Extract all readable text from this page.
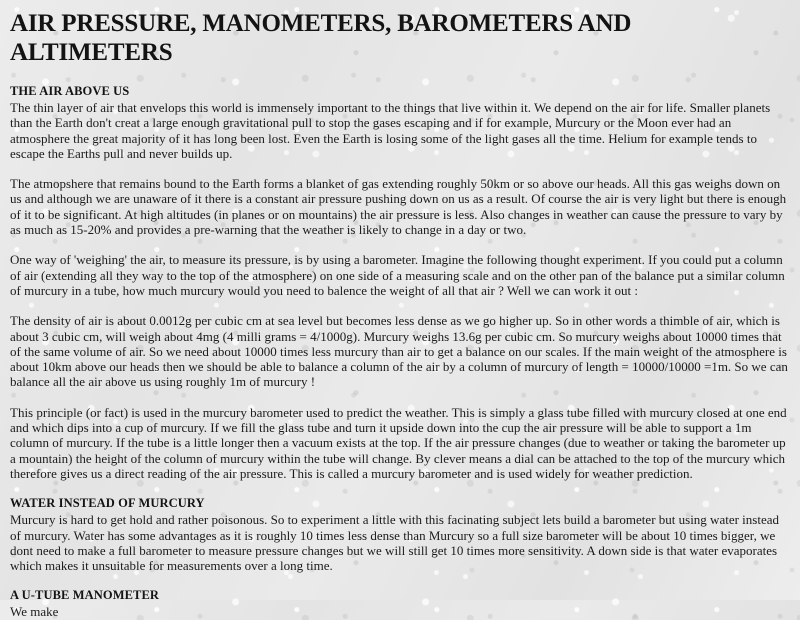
AIR PRESSURE, MANOMETERS, BAROMETERS AND ALTIMETERS
THE AIR ABOVE US

The thin layer of air that envelops this world is immensely important to the things that live within it. We depend on the air for life. Smaller planets than the Earth don't creat a large enough gravitational pull to stop the gases escaping and if for example, Murcury or the Moon ever had an atmosphere the great majority of it has long been lost. Even the Earth is losing some of the light gases all the time. Helium for example tends to escape the Earths pull and never builds up.

The atmopshere that remains bound to the Earth forms a blanket of gas extending roughly 50km or so above our heads. All this gas weighs down on us and although we are unaware of it there is a constant air pressure pushing down on us as a result. Of course the air is very light but there is enough of it to be significant. At high altitudes (in planes or on mountains) the air pressure is less. Also changes in weather can cause the pressure to vary by as much as 15-20% and provides a pre-warning that the weather is likely to change in a day or two.

One way of 'weighing' the air, to measure its pressure, is by using a barometer. Imagine the following thought experiment. If you could put a column of air (extending all they way to the top of the atmosphere) on one side of a measuring scale and on the other pan of the balance put a similar column of murcury in a tube, how much murcury would you need to balence the weight of all that air ? Well we can work it out :

The density of air is about 0.0012g per cubic cm at sea level but becomes less dense as we go higher up. So in other words a thimble of air, which is about 3 cubic cm, will weigh about 4mg (4 milli grams = 4/1000g). Murcury weighs 13.6g per cubic cm. So murcury weighs about 10000 times that of the same volume of air. So we need about 10000 times less murcury than air to get a balance on our scales. If the main weight of the atmosphere is about 10km above our heads then we should be able to balance a column of the air by a column of murcury of length = 10000/10000 =1m. So we can balance all the air above us using roughly 1m of murcury !

This principle (or fact) is used in the murcury barometer used to predict the weather. This is simply a glass tube filled with murcury closed at one end and which dips into a cup of murcury. If we fill the glass tube and turn it upside down into the cup the air pressure will be able to support a 1m column of murcury. If the tube is a little longer then a vacuum exists at the top. If the air pressure changes (due to weather or taking the barometer up a mountain) the height of the column of murcury within the tube will change. By clever means a dial can be attached to the top of the murcury which therefore gives us a direct reading of the air pressure. This is called a murcury barometer and is used widely for weather prediction.

WATER INSTEAD OF MURCURY

Murcury is hard to get hold and rather poisonous. So to experiment a little with this facinating subject lets build a barometer but using water instead of murcury. Water has some advantages as it is roughly 10 times less dense than Murcury so a full size barometer will be about 10 times bigger, we dont need to make a full barometer to measure pressure changes but we will still get 10 times more sensitivity. A down side is that water evaporates which makes it unsuitable for measurements over a long time.

A U-TUBE MANOMETER

We make
